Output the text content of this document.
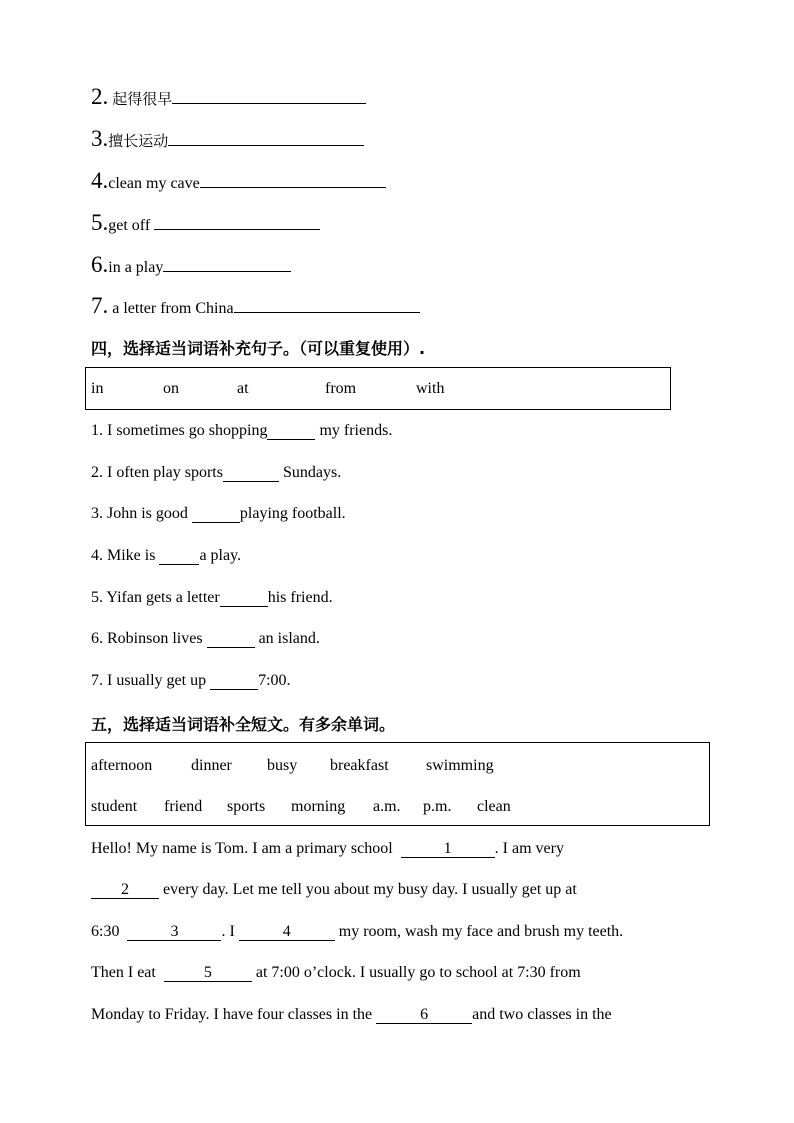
2. 起得很早
3.擅长运动
4.clean my cave
5.get off
6.in a play
7. a letter from China
四，选择适当词语补充句子。（可以重复使用）.
in	on	at	from	with
1. I sometimes go shopping	my friends.
2. I often play sports	Sundays.
3. John is good	playing football.
4. Mike is	a play.
5. Yifan gets a letter	his friend.
6. Robinson lives	an island.
7. I usually get up	7:00.
五，选择适当词语补全短文。有多余单词。
afternoon dinner busy breakfast swimming
student friend sports morning a.m. p.m. clean
Hello! My name is Tom. I am a primary school	1	. I am very
2 every day. Let me tell you about my busy day. I usually get up at
6:30	3	. I	4	my room, wash my face and brush my teeth.
Then I eat	5	at 7:00 o’clock. I usually go to school at 7:30 from
Monday to Friday. I have four classes in the	6	and two classes in the
